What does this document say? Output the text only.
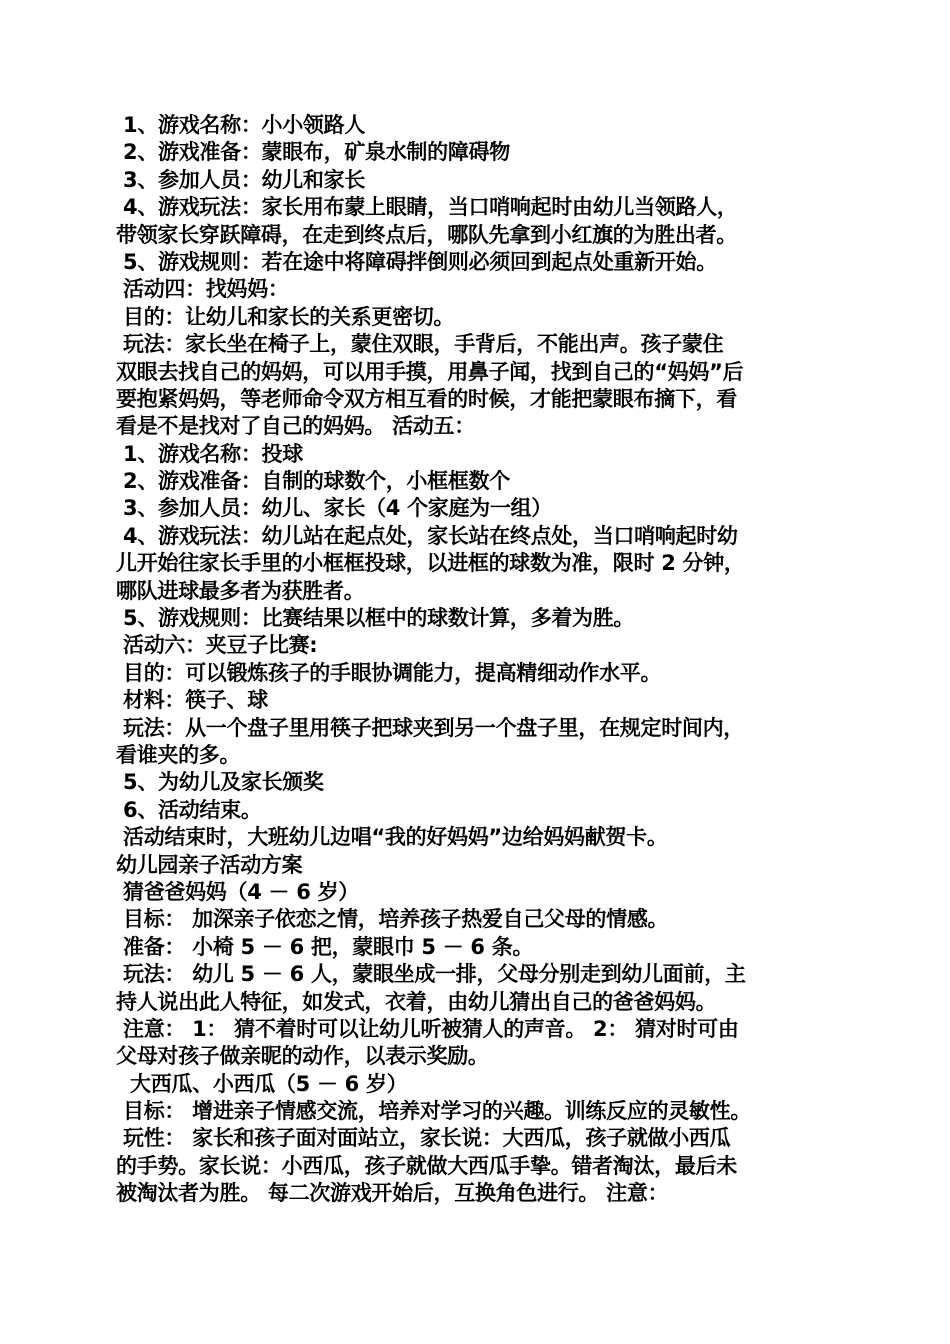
1、游戏名称：小小领路人
2、游戏准备：蒙眼布，矿泉水制的障碍物
3、参加人员：幼儿和家长
4、游戏玩法：家长用布蒙上眼睛，当口哨响起时由幼儿当领路人，
带领家长穿跃障碍，在走到终点后，哪队先拿到小红旗的为胜出者。
5、游戏规则：若在途中将障碍拌倒则必须回到起点处重新开始。
活动四：找妈妈：
目的：让幼儿和家长的关系更密切。
玩法：家长坐在椅子上，蒙住双眼，手背后，不能出声。孩子蒙住
双眼去找自己的妈妈，可以用手摸，用鼻子闻，找到自己的“妈妈”后
要抱紧妈妈，等老师命令双方相互看的时候，才能把蒙眼布摘下，看
看是不是找对了自己的妈妈。 活动五：
1、游戏名称：投球
2、游戏准备：自制的球数个，小框框数个
3、参加人员：幼儿、家长（4 个家庭为一组）
4、游戏玩法：幼儿站在起点处，家长站在终点处，当口哨响起时幼
儿开始往家长手里的小框框投球，以进框的球数为准，限时 2 分钟，
哪队进球最多者为获胜者。
5、游戏规则：比赛结果以框中的球数计算，多着为胜。
活动六：夹豆子比赛:
目的：可以锻炼孩子的手眼协调能力，提高精细动作水平。
材料：筷子、球
玩法：从一个盘子里用筷子把球夹到另一个盘子里，在规定时间内，
看谁夹的多。
5、为幼儿及家长颁奖
6、活动结束。
活动结束时，大班幼儿边唱“我的好妈妈”边给妈妈献贺卡。
幼儿园亲子活动方案
猜爸爸妈妈（4 － 6 岁）
目标： 加深亲子依恋之情，培养孩子热爱自己父母的情感。
准备： 小椅 5 － 6 把，蒙眼巾 5 － 6 条。
玩法： 幼儿 5 － 6 人，蒙眼坐成一排，父母分别走到幼儿面前，主
持人说出此人特征，如发式，衣着，由幼儿猜出自己的爸爸妈妈。
注意： 1： 猜不着时可以让幼儿听被猜人的声音。 2： 猜对时可由
父母对孩子做亲昵的动作，以表示奖励。
大西瓜、小西瓜（5 － 6 岁）
目标： 增进亲子情感交流，培养对学习的兴趣。训练反应的灵敏性。
玩性： 家长和孩子面对面站立，家长说：大西瓜，孩子就做小西瓜
的手势。家长说：小西瓜，孩子就做大西瓜手挚。错者淘汰，最后未
被淘汰者为胜。 每二次游戏开始后，互换角色进行。 注意：
